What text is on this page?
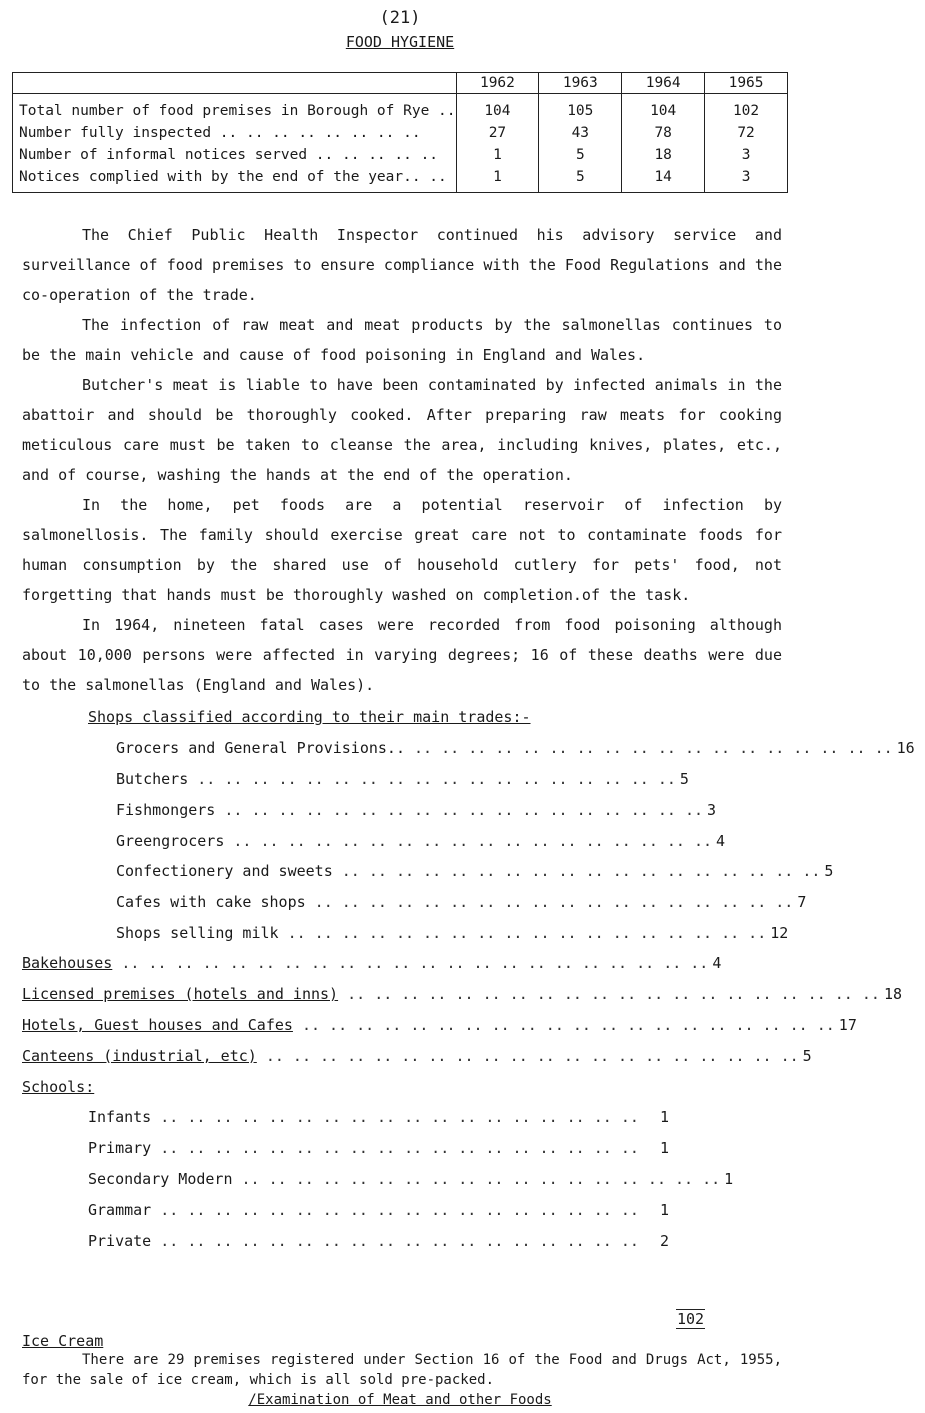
(21)
FOOD HYGIENE
	1962	1963	1964	1965
Total number of food premises in Borough of Rye ..	104	105	104	102
Number fully inspected .. .. .. .. .. .. .. ..	27	43	78	72
Number of informal notices served .. .. .. .. ..	1	5	18	3
Notices complied with by the end of the year.. ..	1	5	14	3
The Chief Public Health Inspector continued his advisory service and surveillance of food premises to ensure compliance with the Food Regulations and the co-operation of the trade.
The infection of raw meat and meat products by the salmonellas continues to be the main vehicle and cause of food poisoning in England and Wales.
Butcher's meat is liable to have been contaminated by infected animals in the abattoir and should be thoroughly cooked. After preparing raw meats for cooking meticulous care must be taken to cleanse the area, including knives, plates, etc., and of course, washing the hands at the end of the operation.
In the home, pet foods are a potential reservoir of infection by salmonellosis. The family should exercise great care not to contaminate foods for human consumption by the shared use of household cutlery for pets' food, not forgetting that hands must be thoroughly washed on completion.of the task.
In 1964, nineteen fatal cases were recorded from food poisoning although about 10,000 persons were affected in varying degrees; 16 of these deaths were due to the salmonellas (England and Wales).
Shops classified according to their main trades:-
Grocers and General Provisions.. .. .. .. .. .. .. .. .. .. .. .. .. .. .. .. .. .. .. 16
Butchers .. .. .. .. .. .. .. .. .. .. .. .. .. .. .. .. .. .. 5
Fishmongers .. .. .. .. .. .. .. .. .. .. .. .. .. .. .. .. .. .. 3
Greengrocers .. .. .. .. .. .. .. .. .. .. .. .. .. .. .. .. .. .. 4
Confectionery and sweets .. .. .. .. .. .. .. .. .. .. .. .. .. .. .. .. .. .. 5
Cafes with cake shops .. .. .. .. .. .. .. .. .. .. .. .. .. .. .. .. .. .. 7
Shops selling milk .. .. .. .. .. .. .. .. .. .. .. .. .. .. .. .. .. .. 12
Bakehouses .. .. .. .. .. .. .. .. .. .. .. .. .. .. .. .. .. .. .. .. .. .. 4
Licensed premises (hotels and inns) .. .. .. .. .. .. .. .. .. .. .. .. .. .. .. .. .. .. .. .. 18
Hotels, Guest houses and Cafes .. .. .. .. .. .. .. .. .. .. .. .. .. .. .. .. .. .. .. .. 17
Canteens (industrial, etc) .. .. .. .. .. .. .. .. .. .. .. .. .. .. .. .. .. .. .. .. 5
Schools:
Infants .. .. .. .. .. .. .. .. .. .. .. .. .. .. .. .. .. ..	1
Primary .. .. .. .. .. .. .. .. .. .. .. .. .. .. .. .. .. ..	1
Secondary Modern .. .. .. .. .. .. .. .. .. .. .. .. .. .. .. .. .. .. 1
Grammar .. .. .. .. .. .. .. .. .. .. .. .. .. .. .. .. .. ..	1
Private .. .. .. .. .. .. .. .. .. .. .. .. .. .. .. .. .. ..	2
102
Ice Cream
There are 29 premises registered under Section 16 of the Food and Drugs Act, 1955, for the sale of ice cream, which is all sold pre-packed.
/Examination of Meat and other Foods
